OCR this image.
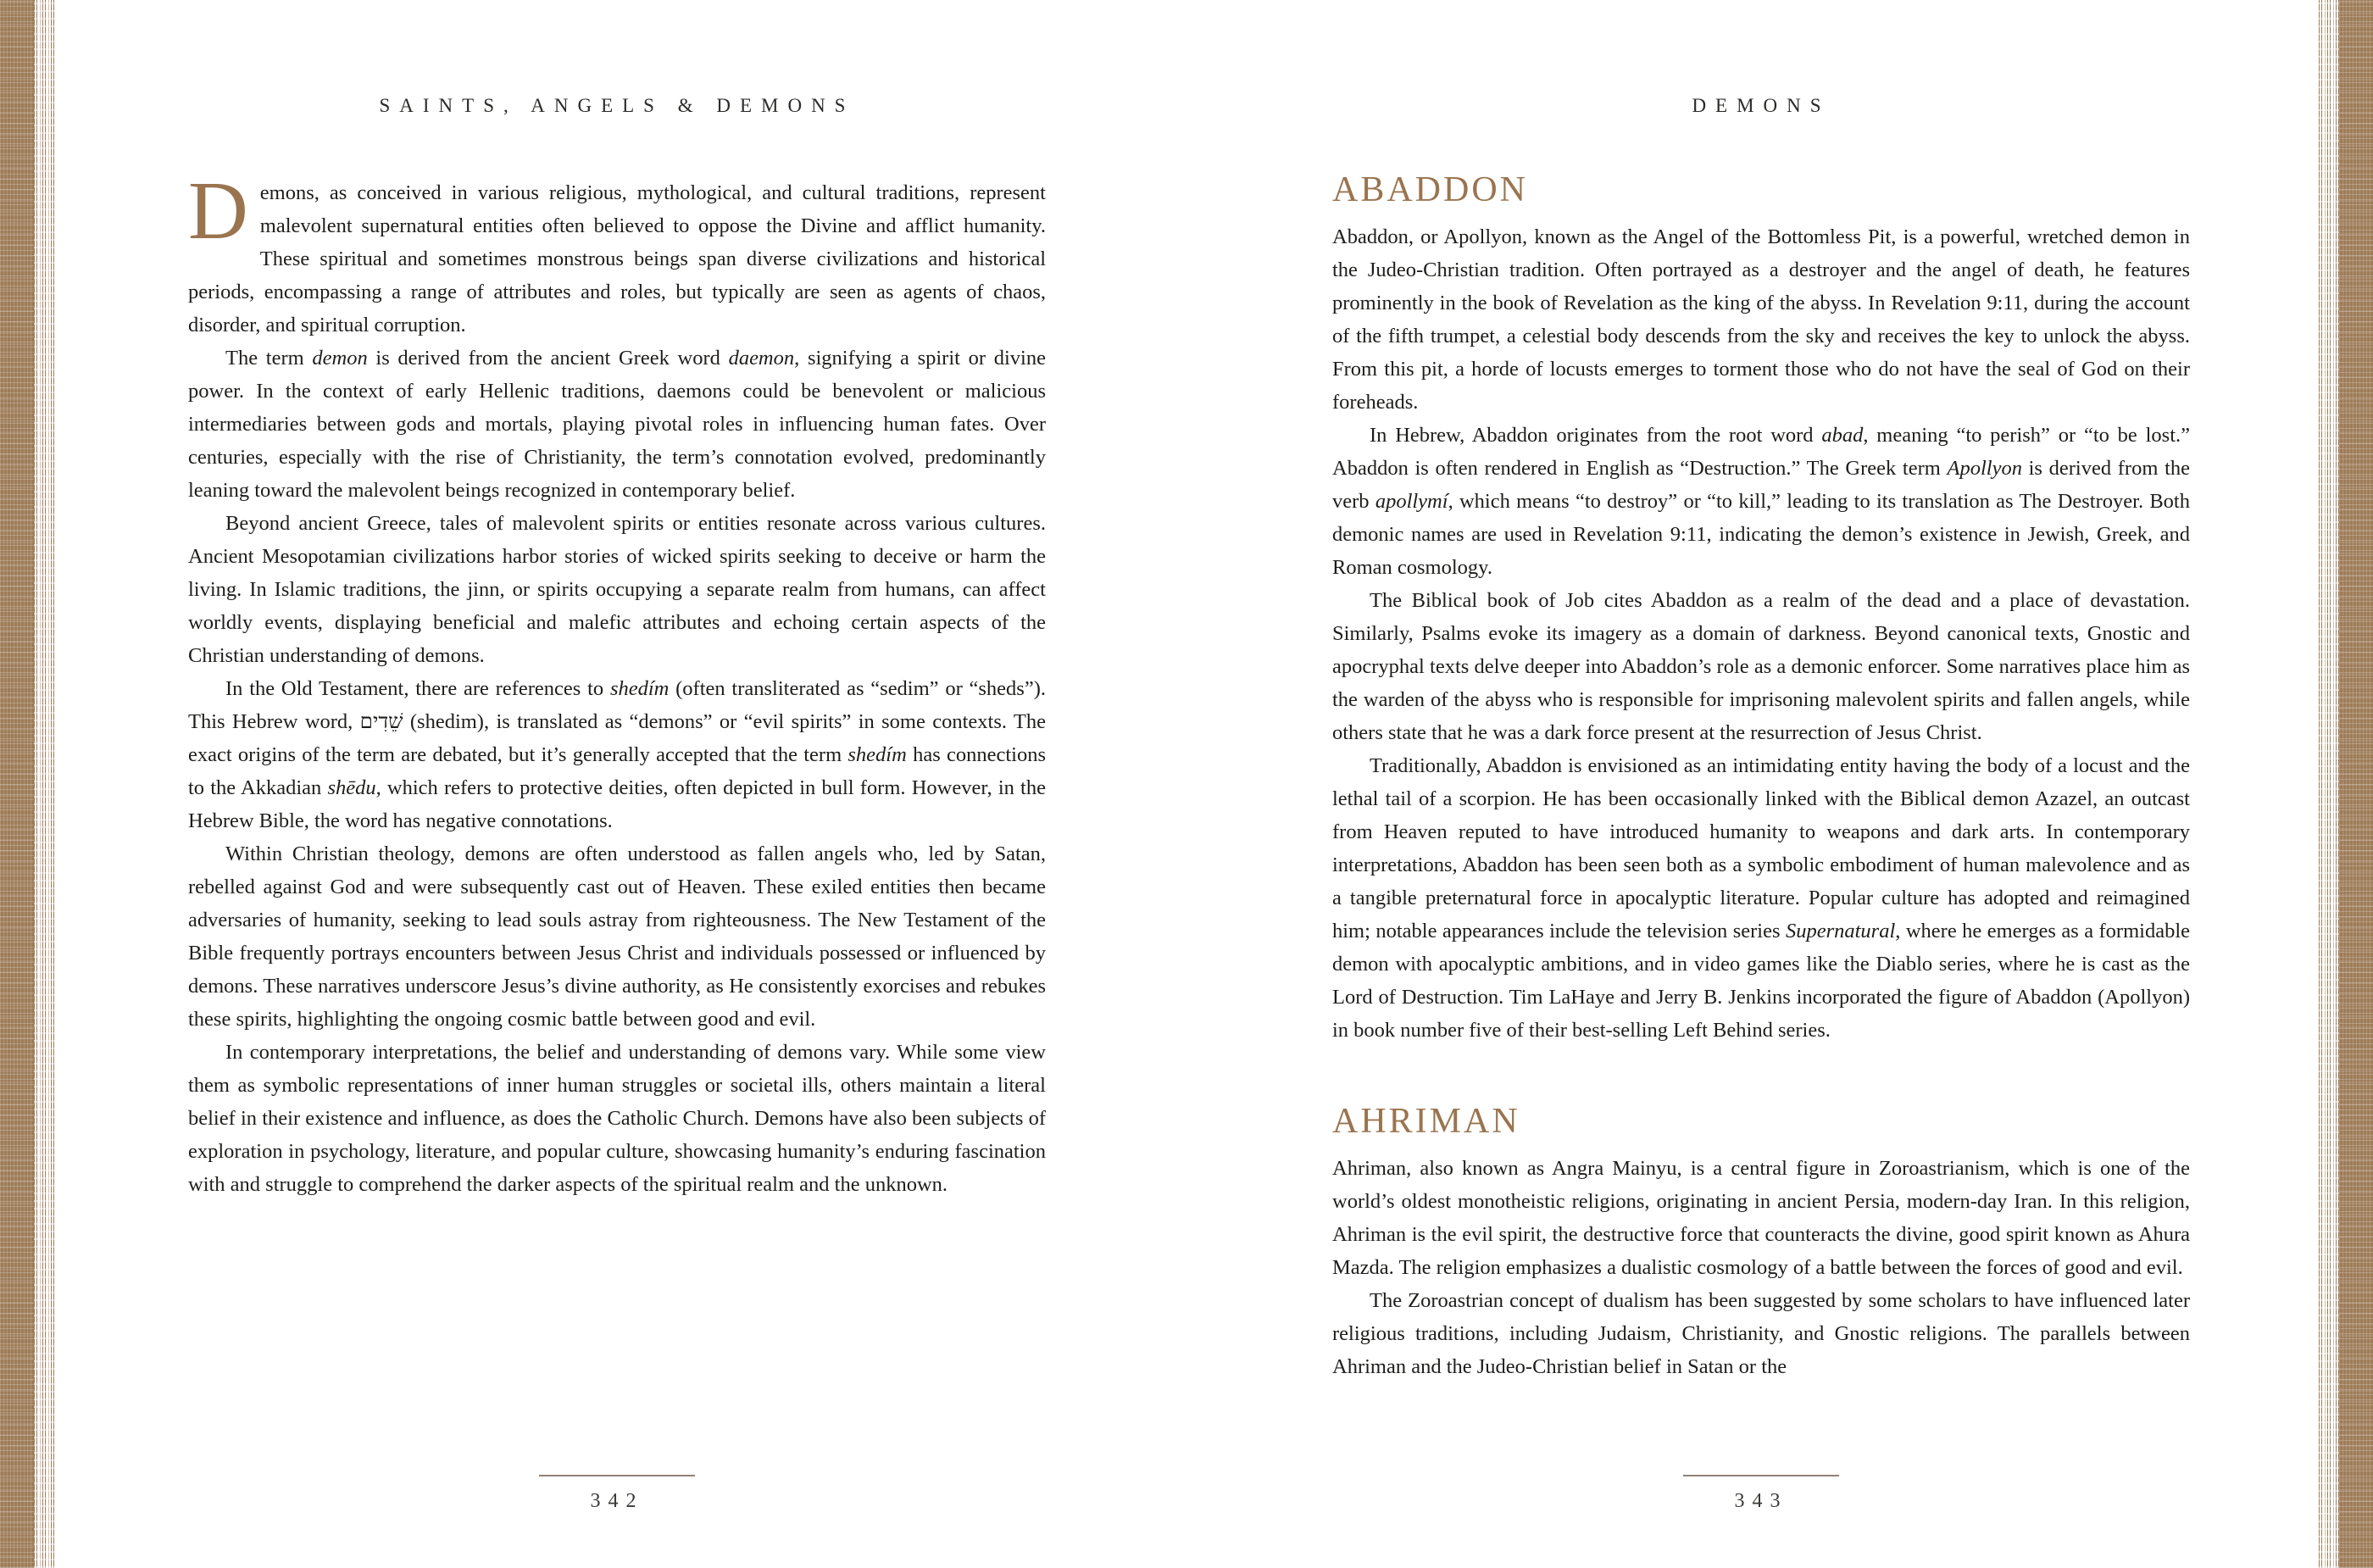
SAINTS, ANGELS & DEMONS

Demons, as conceived in various religious, mythological, and cultural traditions, represent malevolent supernatural entities often believed to oppose the Divine and afflict humanity. These spiritual and sometimes monstrous beings span diverse civilizations and historical periods, encompassing a range of attributes and roles, but typically are seen as agents of chaos, disorder, and spiritual corruption.

The term demon is derived from the ancient Greek word daemon, signifying a spirit or divine power. In the context of early Hellenic traditions, daemons could be benevolent or malicious intermediaries between gods and mortals, playing pivotal roles in influencing human fates. Over centuries, especially with the rise of Christianity, the term’s connotation evolved, predominantly leaning toward the malevolent beings recognized in contemporary belief.

Beyond ancient Greece, tales of malevolent spirits or entities resonate across various cultures. Ancient Mesopotamian civilizations harbor stories of wicked spirits seeking to deceive or harm the living. In Islamic traditions, the jinn, or spirits occupying a separate realm from humans, can affect worldly events, displaying beneficial and malefic attributes and echoing certain aspects of the Christian understanding of demons.

In the Old Testament, there are references to shedím (often transliterated as “sedim” or “sheds”). This Hebrew word, שֵׁדִים (shedim), is translated as “demons” or “evil spirits” in some contexts. The exact origins of the term are debated, but it’s generally accepted that the term shedím has connections to the Akkadian shēdu, which refers to protective deities, often depicted in bull form. However, in the Hebrew Bible, the word has negative connotations.

Within Christian theology, demons are often understood as fallen angels who, led by Satan, rebelled against God and were subsequently cast out of Heaven. These exiled entities then became adversaries of humanity, seeking to lead souls astray from righteousness. The New Testament of the Bible frequently portrays encounters between Jesus Christ and individuals possessed or influenced by demons. These narratives underscore Jesus’s divine authority, as He consistently exorcises and rebukes these spirits, highlighting the ongoing cosmic battle between good and evil.

In contemporary interpretations, the belief and understanding of demons vary. While some view them as symbolic representations of inner human struggles or societal ills, others maintain a literal belief in their existence and influence, as does the Catholic Church. Demons have also been subjects of exploration in psychology, literature, and popular culture, showcasing humanity’s enduring fascination with and struggle to comprehend the darker aspects of the spiritual realm and the unknown.

342
DEMONS
ABADDON

Abaddon, or Apollyon, known as the Angel of the Bottomless Pit, is a powerful, wretched demon in the Judeo-Christian tradition. Often portrayed as a destroyer and the angel of death, he features prominently in the book of Revelation as the king of the abyss. In Revelation 9:11, during the account of the fifth trumpet, a celestial body descends from the sky and receives the key to unlock the abyss. From this pit, a horde of locusts emerges to torment those who do not have the seal of God on their foreheads.

In Hebrew, Abaddon originates from the root word abad, meaning “to perish” or “to be lost.” Abaddon is often rendered in English as “Destruction.” The Greek term Apollyon is derived from the verb apollymí, which means “to destroy” or “to kill,” leading to its translation as The Destroyer. Both demonic names are used in Revelation 9:11, indicating the demon’s existence in Jewish, Greek, and Roman cosmology.

The Biblical book of Job cites Abaddon as a realm of the dead and a place of devastation. Similarly, Psalms evoke its imagery as a domain of darkness. Beyond canonical texts, Gnostic and apocryphal texts delve deeper into Abaddon’s role as a demonic enforcer. Some narratives place him as the warden of the abyss who is responsible for imprisoning malevolent spirits and fallen angels, while others state that he was a dark force present at the resurrection of Jesus Christ.

Traditionally, Abaddon is envisioned as an intimidating entity having the body of a locust and the lethal tail of a scorpion. He has been occasionally linked with the Biblical demon Azazel, an outcast from Heaven reputed to have introduced humanity to weapons and dark arts. In contemporary interpretations, Abaddon has been seen both as a symbolic embodiment of human malevolence and as a tangible preternatural force in apocalyptic literature. Popular culture has adopted and reimagined him; notable appearances include the television series Supernatural, where he emerges as a formidable demon with apocalyptic ambitions, and in video games like the Diablo series, where he is cast as the Lord of Destruction. Tim LaHaye and Jerry B. Jenkins incorporated the figure of Abaddon (Apollyon) in book number five of their best-selling Left Behind series.

AHRIMAN

Ahriman, also known as Angra Mainyu, is a central figure in Zoroastrianism, which is one of the world’s oldest monotheistic religions, originating in ancient Persia, modern-day Iran. In this religion, Ahriman is the evil spirit, the destructive force that counteracts the divine, good spirit known as Ahura Mazda. The religion emphasizes a dualistic cosmology of a battle between the forces of good and evil.

The Zoroastrian concept of dualism has been suggested by some scholars to have influenced later religious traditions, including Judaism, Christianity, and Gnostic religions. The parallels between Ahriman and the Judeo-Christian belief in Satan or the

343
